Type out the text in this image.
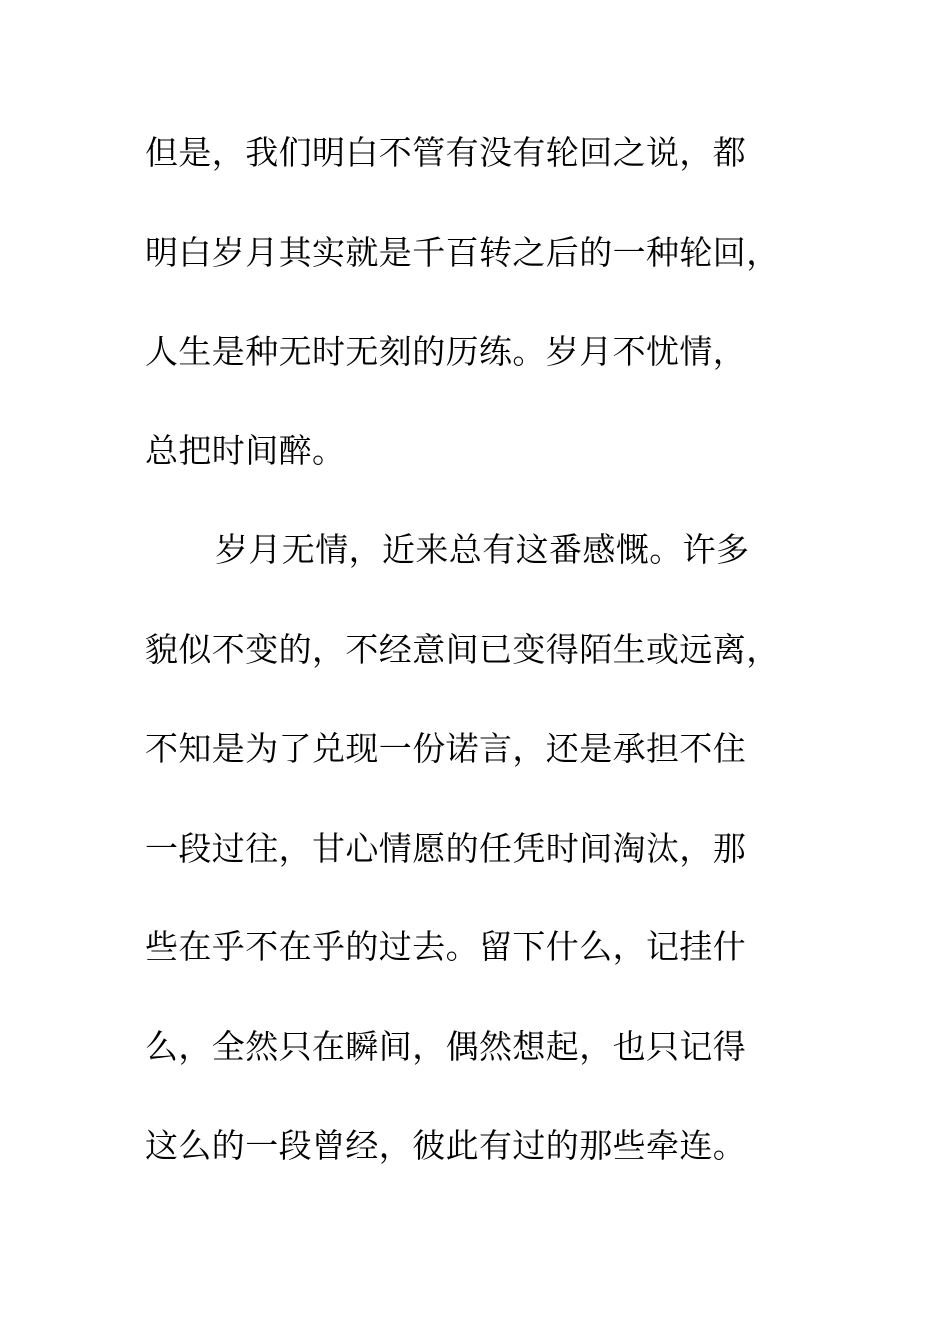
但是，我们明白不管有没有轮回之说，都
明白岁月其实就是千百转之后的一种轮回，
人生是种无时无刻的历练。岁月不忧情，
总把时间醉。
岁月无情，近来总有这番感慨。许多
貌似不变的，不经意间已变得陌生或远离，
不知是为了兑现一份诺言，还是承担不住
一段过往，甘心情愿的任凭时间淘汰，那
些在乎不在乎的过去。留下什么，记挂什
么，全然只在瞬间，偶然想起，也只记得
这么的一段曾经，彼此有过的那些牵连。
